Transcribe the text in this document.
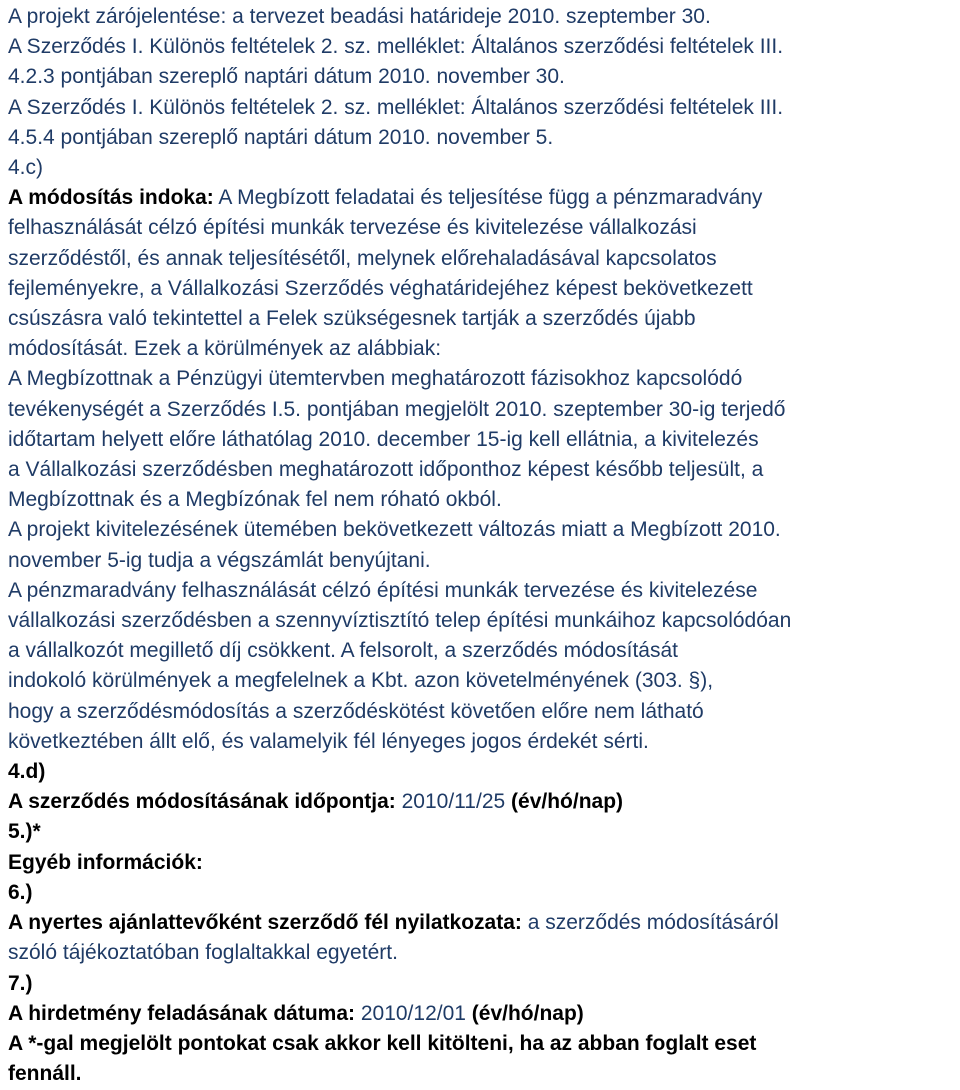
A projekt zárójelentése: a tervezet beadási határideje 2010. szeptember 30.
A Szerződés I. Különös feltételek 2. sz. melléklet: Általános szerződési feltételek III.
4.2.3 pontjában szereplő naptári dátum 2010. november 30.
A Szerződés I. Különös feltételek 2. sz. melléklet: Általános szerződési feltételek III.
4.5.4 pontjában szereplő naptári dátum 2010. november 5.
4.c)
A módosítás indoka: A Megbízott feladatai és teljesítése függ a pénzmaradvány
felhasználását célzó építési munkák tervezése és kivitelezése vállalkozási
szerződéstől, és annak teljesítésétől, melynek előrehaladásával kapcsolatos
fejleményekre, a Vállalkozási Szerződés véghatáridejéhez képest bekövetkezett
csúszásra való tekintettel a Felek szükségesnek tartják a szerződés újabb
módosítását. Ezek a körülmények az alábbiak:
A Megbízottnak a Pénzügyi ütemtervben meghatározott fázisokhoz kapcsolódó
tevékenységét a Szerződés I.5. pontjában megjelölt 2010. szeptember 30-ig terjedő
időtartam helyett előre láthatólag 2010. december 15-ig kell ellátnia, a kivitelezés
a Vállalkozási szerződésben meghatározott időponthoz képest később teljesült, a
Megbízottnak és a Megbízónak fel nem róható okból.
A projekt kivitelezésének ütemében bekövetkezett változás miatt a Megbízott 2010.
november 5-ig tudja a végszámlát benyújtani.
A pénzmaradvány felhasználását célzó építési munkák tervezése és kivitelezése
vállalkozási szerződésben a szennyvíztisztító telep építési munkáihoz kapcsolódóan
a vállalkozót megillető díj csökkent. A felsorolt, a szerződés módosítását
indokoló körülmények a megfelelnek a Kbt. azon követelményének (303. §),
hogy a szerződésmódosítás a szerződéskötést követően előre nem látható
következtében állt elő, és valamelyik fél lényeges jogos érdekét sérti.
4.d)
A szerződés módosításának időpontja: 2010/11/25 (év/hó/nap)
5.)*
Egyéb információk:
6.)
A nyertes ajánlattevőként szerződő fél nyilatkozata: a szerződés módosításáról
szóló tájékoztatóban foglaltakkal egyetért.
7.)
A hirdetmény feladásának dátuma: 2010/12/01 (év/hó/nap)
A *-gal megjelölt pontokat csak akkor kell kitölteni, ha az abban foglalt eset
fennáll.
